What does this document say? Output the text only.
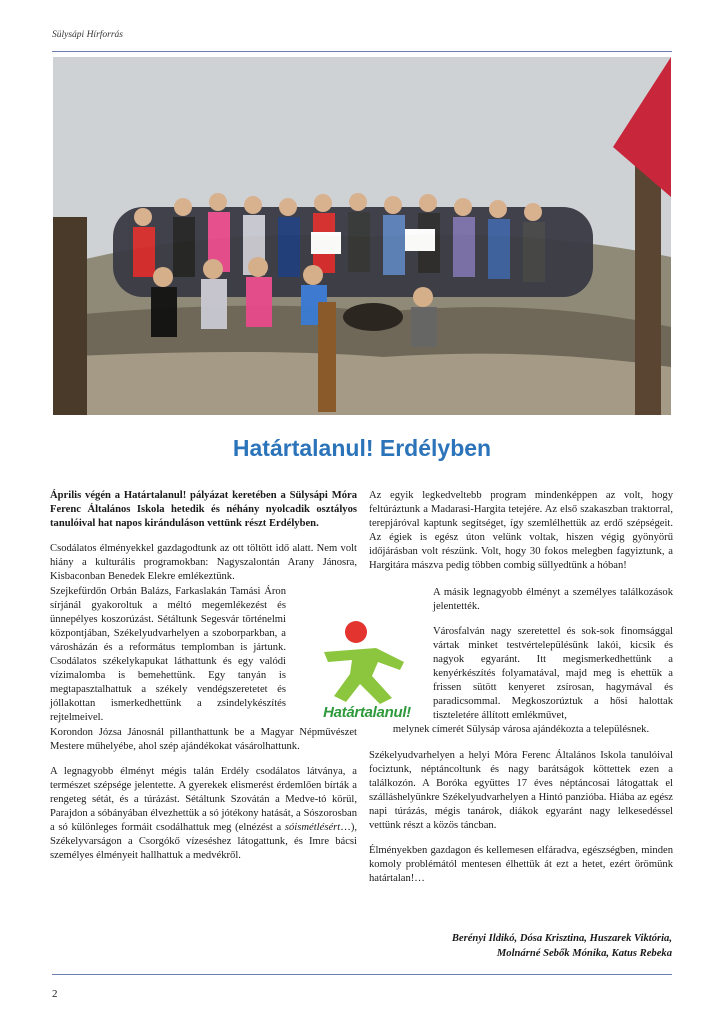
Sülysápi Hírforrás
Határtalanul! Erdélyben

Április végén a Határtalanul! pályázat keretében a Sülysápi Móra Ferenc Általános Iskola hetedik és néhány nyolcadik osztályos tanulóival hat napos kiránduláson vettünk részt Erdélyben.

Csodálatos élményekkel gazdagodtunk az ott töltött idő alatt. Nem volt hiány a kulturális programokban: Nagyszalontán Arany Jánosra, Kisbaconban Benedek Elekre emlékeztünk.

Szejkefürdőn Orbán Balázs, Farkaslakán Tamási Áron sírjánál gyakoroltuk a méltó megemlékezést és ünnepélyes koszorúzást. Sétáltunk Segesvár történelmi központjában, Székelyudvarhelyen a szoborparkban, a városházán és a református templomban is jártunk. Csodálatos székelykapukat láthattunk és egy valódi vízimalomba is bemehettünk. Egy tanyán is megtapasztalhattuk a székely vendégszeretetet és jóllakottan ismerkedhettünk a zsindelykészítés rejtelmeivel.

Korondon Józsa Jánosnál pillanthattunk be a Magyar Népművészet Mestere műhelyébe, ahol szép ajándékokat vásárolhattunk.

A legnagyobb élményt mégis talán Erdély csodálatos látványa, a természet szépsége jelentette. A gyerekek elismerést érdemlően bírták a rengeteg sétát, és a túrázást. Sétáltunk Szovátán a Medve-tó körül, Parajdon a sóbányában élvezhettük a só jótékony hatását, a Sószorosban a só különleges formáit csodálhattuk meg (elnézést a sóismétlésért…), Székelyvarságon a Csorgókő vízeséshez látogattunk, és Imre bácsi személyes élményeit hallhattuk a medvékről.

Határtalanul!

Az egyik legkedveltebb program mindenképpen az volt, hogy feltúráztunk a Madarasi-Hargita tetejére. Az első szakaszban traktorral, terepjáróval kaptunk segítséget, így szemlélhettük az erdő szépségeit. Az égiek is egész úton velünk voltak, hiszen végig gyönyörű időjárásban volt részünk. Volt, hogy 30 fokos melegben fagyiztunk, a Hargitára mászva pedig többen combig süllyedtünk a hóban!

A másik legnagyobb élményt a személyes találkozások jelentették.

Városfalván nagy szeretettel és sok-sok finomsággal vártak minket testvértelepülésünk lakói, kicsik és nagyok egyaránt. Itt megismerkedhettünk a kenyérkészítés folyamatával, majd meg is ehettük a frissen sütött kenyeret zsírosan, hagymával és paradicsommal. Megkoszorúztuk a hősi halottak tiszteletére állított emlékművet,

melynek címerét Sülysáp városa ajándékozta a településnek.

Székelyudvarhelyen a helyi Móra Ferenc Általános Iskola tanulóival fociztunk, néptáncoltunk és nagy barátságok köttettek ezen a találkozón. A Boróka együttes 17 éves néptáncosai látogattak el szálláshelyünkre Székelyudvarhelyen a Hintó panzióba. Hiába az egész napi túrázás, mégis tanárok, diákok egyaránt nagy lelkesedéssel vettünk részt a közös táncban.

Élményekben gazdagon és kellemesen elfáradva, egészségben, minden komoly problémától mentesen élhettük át ezt a hetet, ezért örömünk határtalan!…

Berényi Ildikó, Dósa Krisztina, Huszarek Viktória,
Molnárné Sebők Mónika, Katus Rebeka
2
